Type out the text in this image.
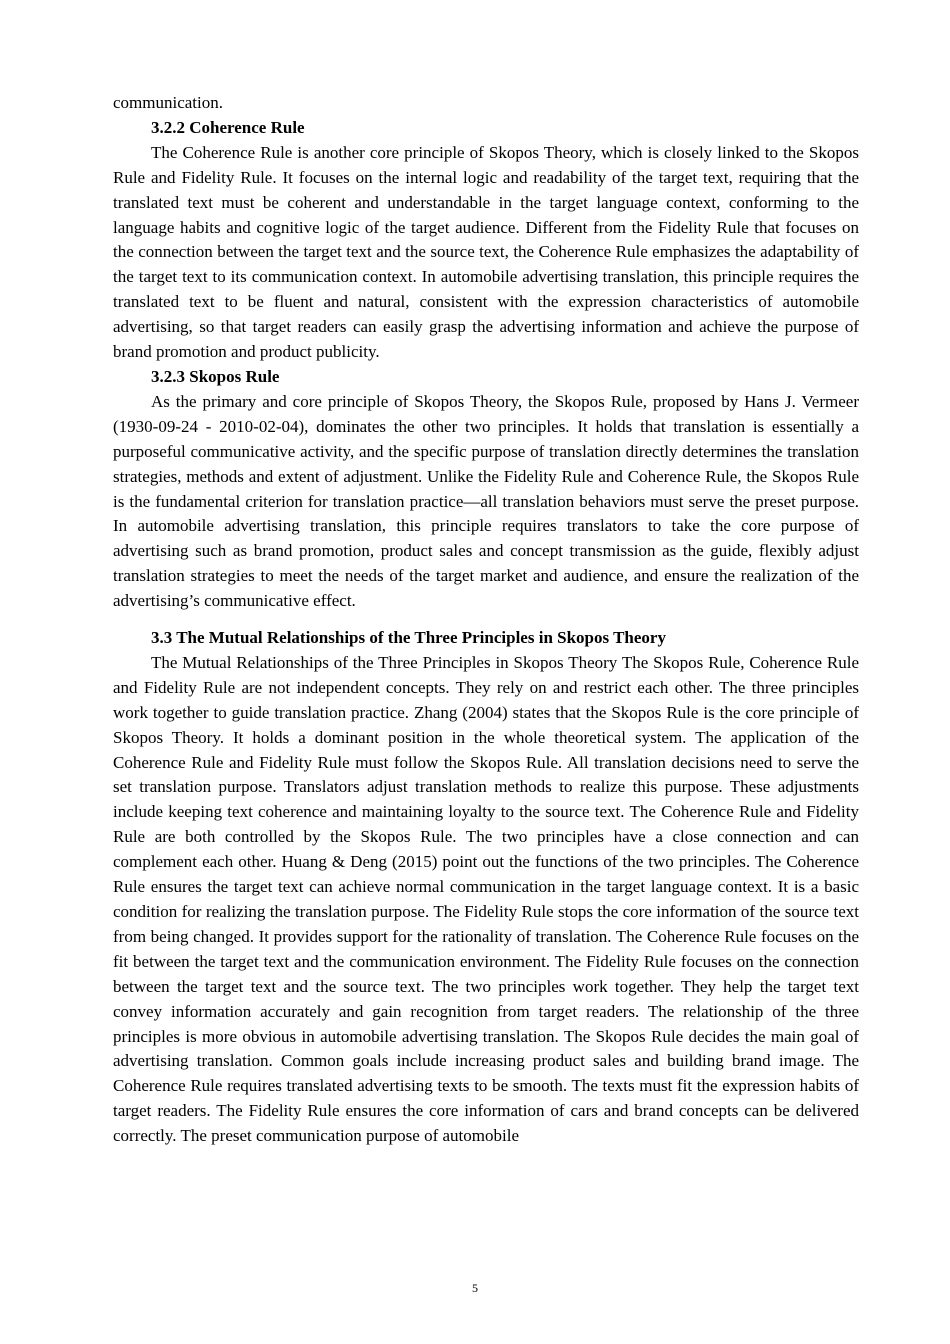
communication.

3.2.2 Coherence Rule

The Coherence Rule is another core principle of Skopos Theory, which is closely linked to the Skopos Rule and Fidelity Rule. It focuses on the internal logic and readability of the target text, requiring that the translated text must be coherent and understandable in the target language context, conforming to the language habits and cognitive logic of the target audience. Different from the Fidelity Rule that focuses on the connection between the target text and the source text, the Coherence Rule emphasizes the adaptability of the target text to its communication context. In automobile advertising translation, this principle requires the translated text to be fluent and natural, consistent with the expression characteristics of automobile advertising, so that target readers can easily grasp the advertising information and achieve the purpose of brand promotion and product publicity.

3.2.3 Skopos Rule

As the primary and core principle of Skopos Theory, the Skopos Rule, proposed by Hans J. Vermeer (1930-09-24 - 2010-02-04), dominates the other two principles. It holds that translation is essentially a purposeful communicative activity, and the specific purpose of translation directly determines the translation strategies, methods and extent of adjustment. Unlike the Fidelity Rule and Coherence Rule, the Skopos Rule is the fundamental criterion for translation practice—all translation behaviors must serve the preset purpose. In automobile advertising translation, this principle requires translators to take the core purpose of advertising such as brand promotion, product sales and concept transmission as the guide, flexibly adjust translation strategies to meet the needs of the target market and audience, and ensure the realization of the advertising’s communicative effect.

3.3 The Mutual Relationships of the Three Principles in Skopos Theory

The Mutual Relationships of the Three Principles in Skopos Theory The Skopos Rule, Coherence Rule and Fidelity Rule are not independent concepts. They rely on and restrict each other. The three principles work together to guide translation practice. Zhang (2004) states that the Skopos Rule is the core principle of Skopos Theory. It holds a dominant position in the whole theoretical system. The application of the Coherence Rule and Fidelity Rule must follow the Skopos Rule. All translation decisions need to serve the set translation purpose. Translators adjust translation methods to realize this purpose. These adjustments include keeping text coherence and maintaining loyalty to the source text. The Coherence Rule and Fidelity Rule are both controlled by the Skopos Rule. The two principles have a close connection and can complement each other. Huang & Deng (2015) point out the functions of the two principles. The Coherence Rule ensures the target text can achieve normal communication in the target language context. It is a basic condition for realizing the translation purpose. The Fidelity Rule stops the core information of the source text from being changed. It provides support for the rationality of translation. The Coherence Rule focuses on the fit between the target text and the communication environment. The Fidelity Rule focuses on the connection between the target text and the source text. The two principles work together. They help the target text convey information accurately and gain recognition from target readers. The relationship of the three principles is more obvious in automobile advertising translation. The Skopos Rule decides the main goal of advertising translation. Common goals include increasing product sales and building brand image. The Coherence Rule requires translated advertising texts to be smooth. The texts must fit the expression habits of target readers. The Fidelity Rule ensures the core information of cars and brand concepts can be delivered correctly. The preset communication purpose of automobile

5
